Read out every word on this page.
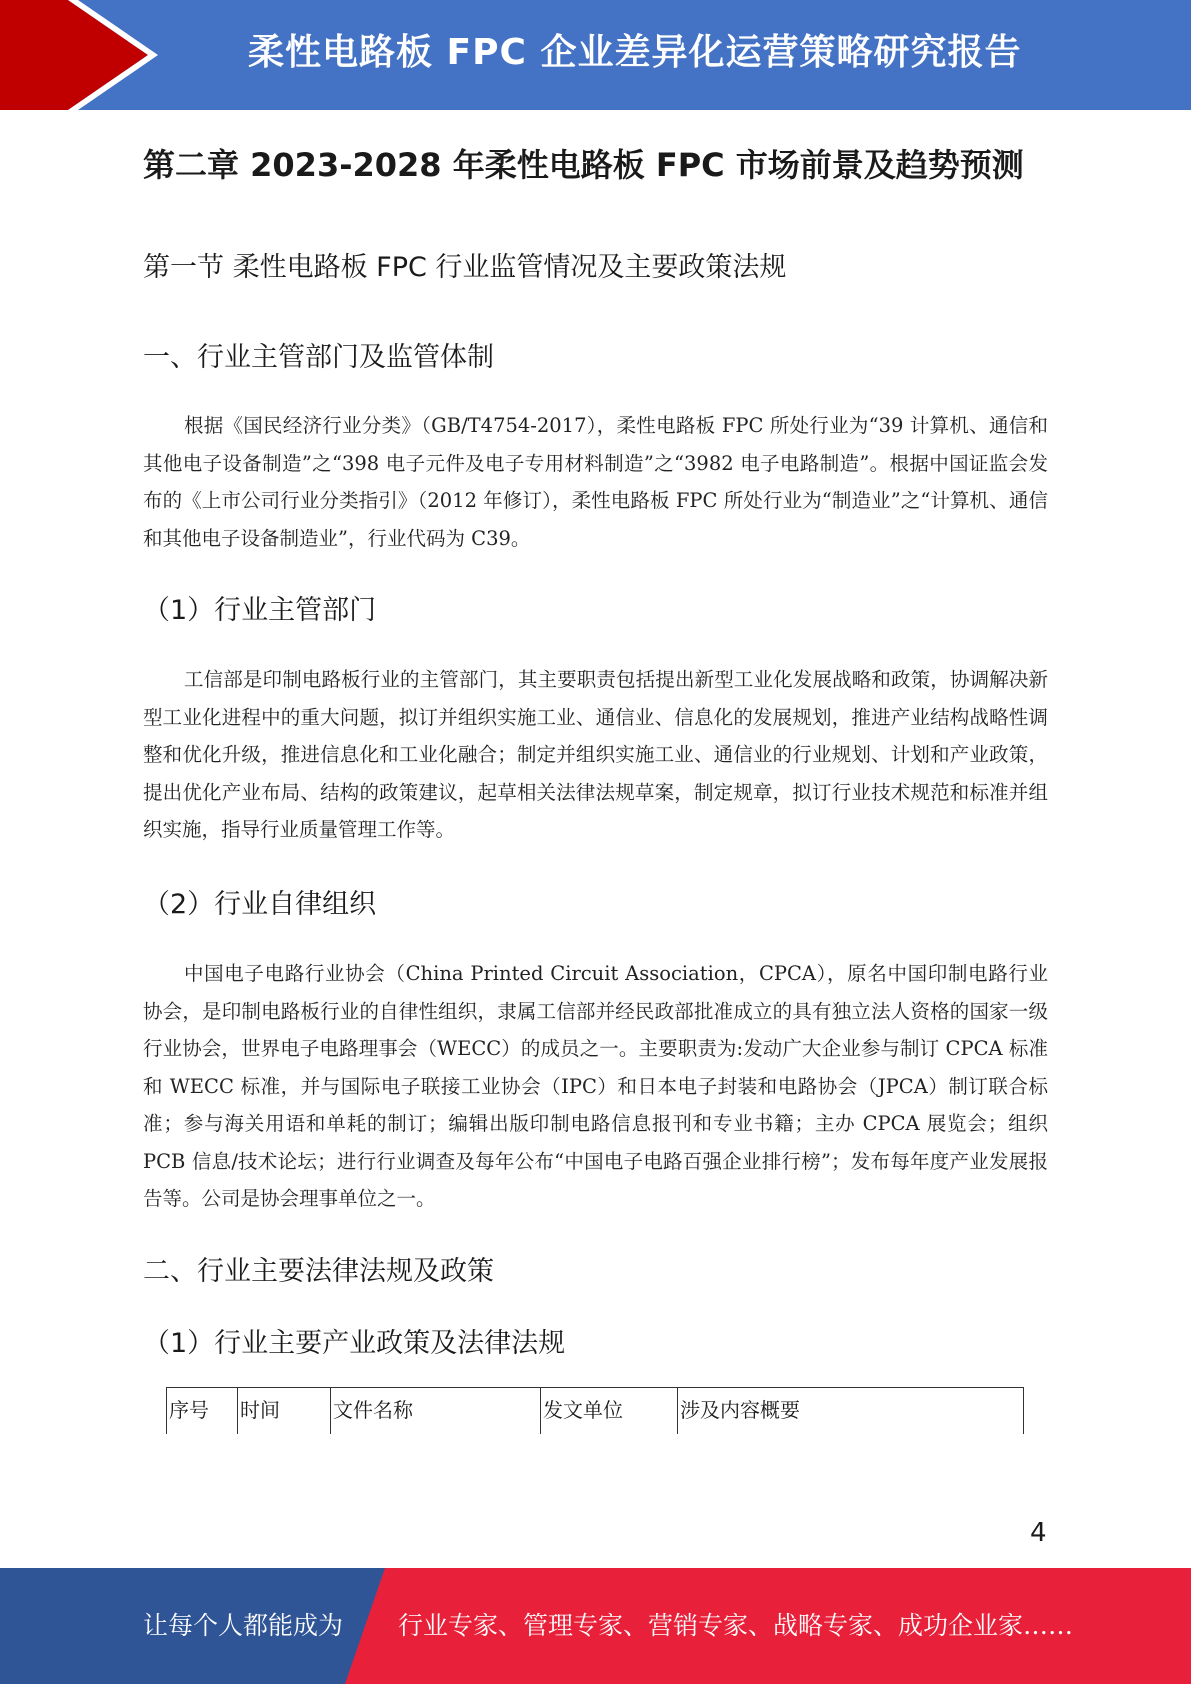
柔性电路板 FPC 企业差异化运营策略研究报告
第二章 2023-2028 年柔性电路板 FPC 市场前景及趋势预测
第一节 柔性电路板 FPC 行业监管情况及主要政策法规
一、行业主管部门及监管体制

根据《国民经济行业分类》（GB/T4754-2017），柔性电路板 FPC 所处行业为“39 计算机、通信和其他电子设备制造”之“398 电子元件及电子专用材料制造”之“3982 电子电路制造”。根据中国证监会发布的《上市公司行业分类指引》（2012 年修订），柔性电路板 FPC 所处行业为“制造业”之“计算机、通信和其他电子设备制造业”，行业代码为 C39。

（1）行业主管部门

工信部是印制电路板行业的主管部门，其主要职责包括提出新型工业化发展战略和政策，协调解决新型工业化进程中的重大问题，拟订并组织实施工业、通信业、信息化的发展规划，推进产业结构战略性调整和优化升级，推进信息化和工业化融合；制定并组织实施工业、通信业的行业规划、计划和产业政策，提出优化产业布局、结构的政策建议，起草相关法律法规草案，制定规章，拟订行业技术规范和标准并组织实施，指导行业质量管理工作等。

（2）行业自律组织

中国电子电路行业协会（China Printed Circuit Association，CPCA），原名中国印制电路行业协会，是印制电路板行业的自律性组织，隶属工信部并经民政部批准成立的具有独立法人资格的国家一级行业协会，世界电子电路理事会（WECC）的成员之一。主要职责为:发动广大企业参与制订 CPCA 标准和 WECC 标准，并与国际电子联接工业协会（IPC）和日本电子封装和电路协会（JPCA）制订联合标准；参与海关用语和单耗的制订；编辑出版印制电路信息报刊和专业书籍；主办 CPCA 展览会；组织 PCB 信息/技术论坛；进行行业调查及每年公布“中国电子电路百强企业排行榜”；发布每年度产业发展报告等。公司是协会理事单位之一。

二、行业主要法律法规及政策
（1）行业主要产业政策及法律法规
序号	时间	文件名称	发文单位	涉及内容概要
4
让每个人都能成为 行业专家、管理专家、营销专家、战略专家、成功企业家……
